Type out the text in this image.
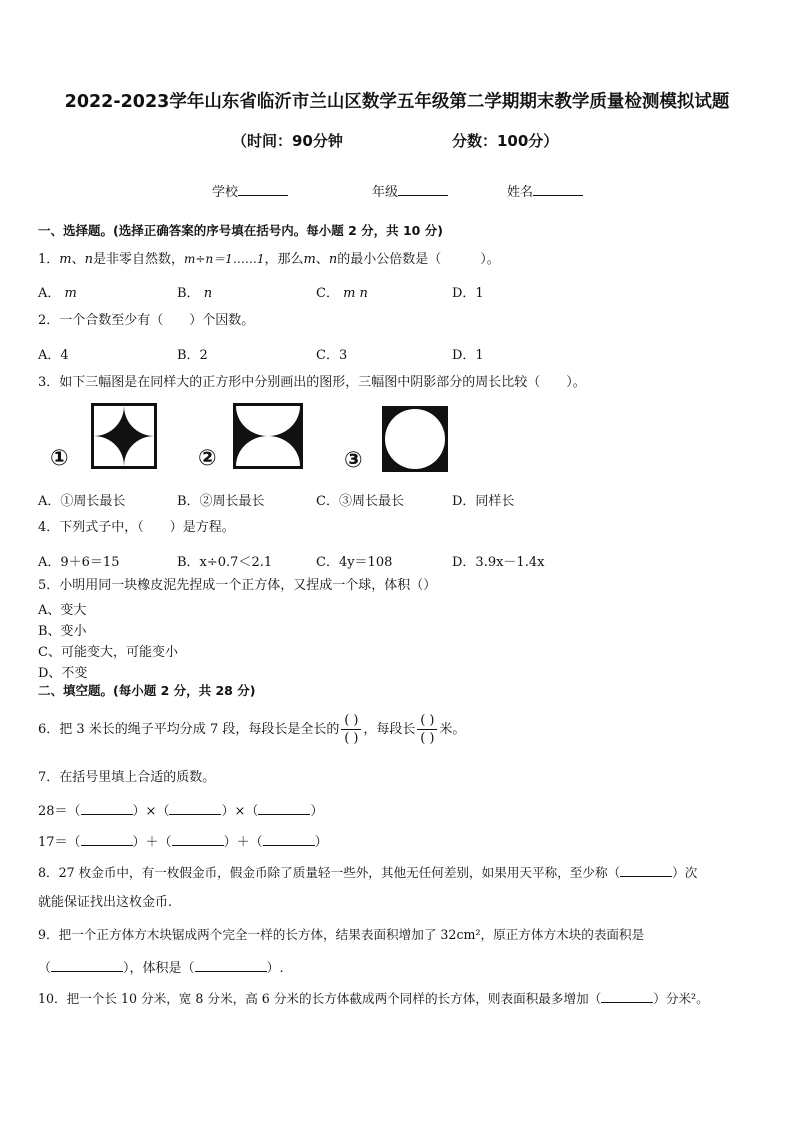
2022-2023学年山东省临沂市兰山区数学五年级第二学期期末教学质量检测模拟试题
（时间：90分钟	分数：100分）
学校	年级	姓名
一、选择题。(选择正确答案的序号填在括号内。每小题 2 分，共 10 分)
1．m、n是非零自然数，m÷n＝1……1，那么m、n的最小公倍数是（　　　）。
A． m	B． n	C． m n	D．1
2．一个合数至少有（　　）个因数。
A．4	B．2	C．3	D．1
3．如下三幅图是在同样大的正方形中分别画出的图形，三幅图中阴影部分的周长比较（　　）。
①	②	③
A．①周长最长	B．②周长最长	C．③周长最长	D．同样长
4．下列式子中，（　　）是方程。
A．9＋6＝15	B．x÷0.7＜2.1	C．4y＝108	D．3.9x－1.4x
5．小明用同一块橡皮泥先捏成一个正方体，又捏成一个球，体积（）
A、变大
B、变小
C、可能变大，可能变小
D、不变
二、填空题。(每小题 2 分，共 28 分)
6．把 3 米长的绳子平均分成 7 段，每段长是全长的 $\frac{( )}{( )}$ ，每段长 $\frac{( )}{( )}$ 米。
7．在括号里填上合适的质数。
28＝（	）×（	）×（	）
17＝（	）＋（	）＋（	）
8．27 枚金币中，有一枚假金币，假金币除了质量轻一些外，其他无任何差别，如果用天平称，至少称（	）次
就能保证找出这枚金币.
9．把一个正方体方木块锯成两个完全一样的长方体，结果表面积增加了 32cm²，原正方体方木块的表面积是
（	），体积是（	）.
10．把一个长 10 分米，宽 8 分米，高 6 分米的长方体截成两个同样的长方体，则表面积最多增加（	）分米²。
